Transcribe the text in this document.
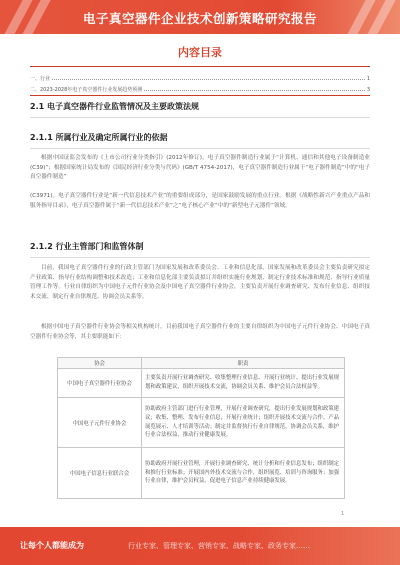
电子真空器件企业技术创新策略研究报告
内容目录
一、行业	1
二、2023-2028年电子真空器件行业发展趋势预测	3
2.1 电子真空器件行业监管情况及主要政策法规
2.1.1 所属行业及确定所属行业的依据
根据中国证监会发布的《上市公司行业分类指引》(2012年修订)，电子真空器件制造行业属于“计算机、通信和其他电子设备制造业(C39)”；根据国家统计局发布的《国民经济行业分类与代码》(GB/T 4754-2017)，电子真空器件制造行业属于“电子器件制造”中的“电子真空器件制造”
(C3971)。电子真空器件行业是“新一代信息技术产业”的重要组成部分，是国家鼓励发展的重点行业。根据《战略性新兴产业重点产品和服务指导目录》，电子真空器件属于“新一代信息技术产业”之“电子核心产业”中的“新型电子元器件”领域。
2.1.2 行业主管部门和监管体制
目前，我国电子真空器件行业的行政主管部门为国家发展和改革委员会、工业和信息化部，国家发展和改革委员会主要负责研究拟定产业政策、指导行业结构调整和技术改造；工业和信息化部主要负责拟订并组织实施行业规划、制定行业技术标准和规范、指导行业质量管理工作等。行业自律组织为中国电子元件行业协会及中国电子真空器件行业协会，主要负责开展行业调查研究、发布行业信息、组织技术交流、制定行业自律规范、协调会员关系等。
根据中国电子真空器件行业协会等相关机构统计，目前我国电子真空器件行业的主要自律组织为中国电子元件行业协会、中国电子真空器件行业协会等，其主要职能如下：
协会	职责
中国电子真空器件行业协会	主要负责开展行业调查研究、收集整理行业信息、开展行业统计、提出行业发展规划和政策建议，组织开展技术交流，协调会员关系、维护会员合法权益等。
中国电子元件行业协会	协助政府主管部门进行行业管理，开展行业调查研究，提出行业发展规划和政策建议；收集、整理、发布行业信息，开展行业统计；组织开展技术交流与合作、产品展览展示、人才培训等活动；制定并监督执行行业自律规范，协调会员关系，维护行业合法权益，推动行业健康发展。
中国电子信息行业联合会	协助政府开展行业管理，开展行业调查研究、统计分析和行业信息发布；组织制定和推行行业标准；开展国内外技术交流与合作，组织展览、培训与咨询服务；加强行业自律，维护会员权益，促进电子信息产业持续健康发展。
1
让每个人都能成为	行业专家、管理专家、营销专家、战略专家、政务专家……
